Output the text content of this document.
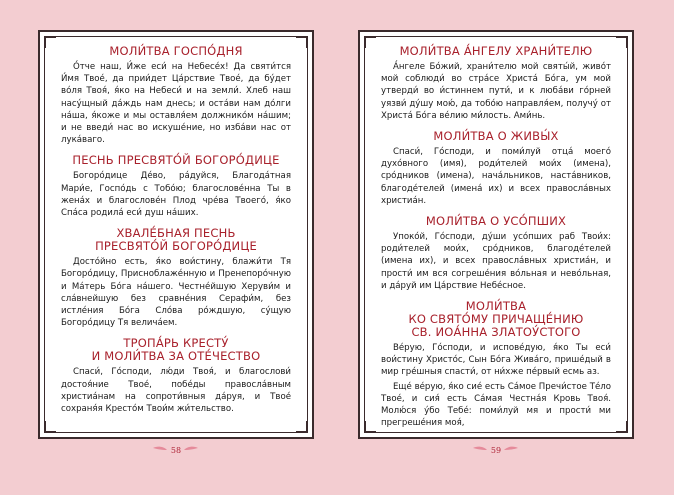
МОЛИ́ТВА ГОСПО́ДНЯ

О́тче наш, И́же еси́ на Небесе́х! Да святи́тся И́мя Твое́, да прии́дет Ца́рствие Твое́, да бу́дет во́ля Твоя́, я́ко на Небеси́ и на земли́. Хлеб наш насу́щный да́ждь нам днесь; и оста́ви нам до́лги на́ша, я́коже и мы оставля́ем должнико́м на́шим; и не введи́ нас во искуше́ние, но изба́ви нас от лука́ваго.

ПЕСНЬ ПРЕСВЯТО́Й БОГОРО́ДИЦЕ

Богоро́дице Де́во, ра́дуйся, Благода́тная Мари́е, Госпо́дь с Тобо́ю; благослове́нна Ты в жена́х и благослове́н Плод чре́ва Твоего́, я́ко Спа́са родила́ еси́ душ на́ших.

ХВАЛЕ́БНАЯ ПЕСНЬ
ПРЕСВЯТО́Й БОГОРО́ДИЦЕ

Досто́йно есть, я́ко вои́стину, блажи́ти Тя Богоро́дицу, Присноблаже́нную и Пренепоро́чную и Ма́терь Бо́га на́шего. Честне́йшую Херуви́м и сла́внейшую без сравне́ния Серафи́м, без истле́ния Бо́га Сло́ва ро́ждшую, су́щую Богоро́дицу Тя велича́ем.

ТРОПА́РЬ КРЕСТУ́
И МОЛИ́ТВА ЗА ОТЕ́ЧЕСТВО

Спаси́, Го́споди, лю́ди Твоя́, и благослови́ достоя́ние Твое́, побе́ды правосла́вным христиа́нам на сопроти́вныя да́руя, и Твое́ сохраня́я Кресто́м Твои́м жи́тельство.

МОЛИ́ТВА А́НГЕЛУ ХРАНИ́ТЕЛЮ

А́нгеле Бо́жий, храни́телю мой святы́й, живо́т мой соблюди́ во стра́се Христа́ Бо́га, ум мой утверди́ во и́стиннем пути́, и к люба́ви го́рней уязви́ ду́шу мою́, да тобо́ю направля́ем, получу́ от Христа́ Бо́га ве́лию ми́лость. Ами́нь.

МОЛИ́ТВА О ЖИВЫ́Х

Спаси́, Го́споди, и поми́луй отца́ моего́ духо́вного (имя), роди́телей мои́х (имена), сро́дников (имена), нача́льников, наста́вников, благоде́телей (имена́ их) и всех правосла́вных христиа́н.

МОЛИ́ТВА О УСО́ПШИХ

Упоко́й, Го́споди, ду́ши усо́пших раб Твои́х: роди́телей мои́х, сро́дников, благоде́телей (имена их), и всех правосла́вных христиа́н, и прости́ им вся согреше́ния во́льная и нево́льная, и да́руй им Ца́рствие Небе́сное.

МОЛИ́ТВА
КО СВЯТО́МУ ПРИЧАЩЕ́НИЮ
СВ. ИОА́ННА ЗЛАТОУ́СТОГО

Ве́рую, Го́споди, и испове́дую, я́ко Ты еси́ вои́стину Христо́с, Сын Бо́га Жива́го, прише́дый в мир гре́шныя спасти́, от ни́хже пе́рвый есмь аз.

Еще́ ве́рую, я́ко сие́ есть Са́мое Пречи́стое Те́ло Твое́, и сия́ есть Са́мая Честна́я Кровь Твоя́. Молю́ся у́бо Тебе́: поми́луй мя и прости́ ми прегреше́ния моя́,

58	59
